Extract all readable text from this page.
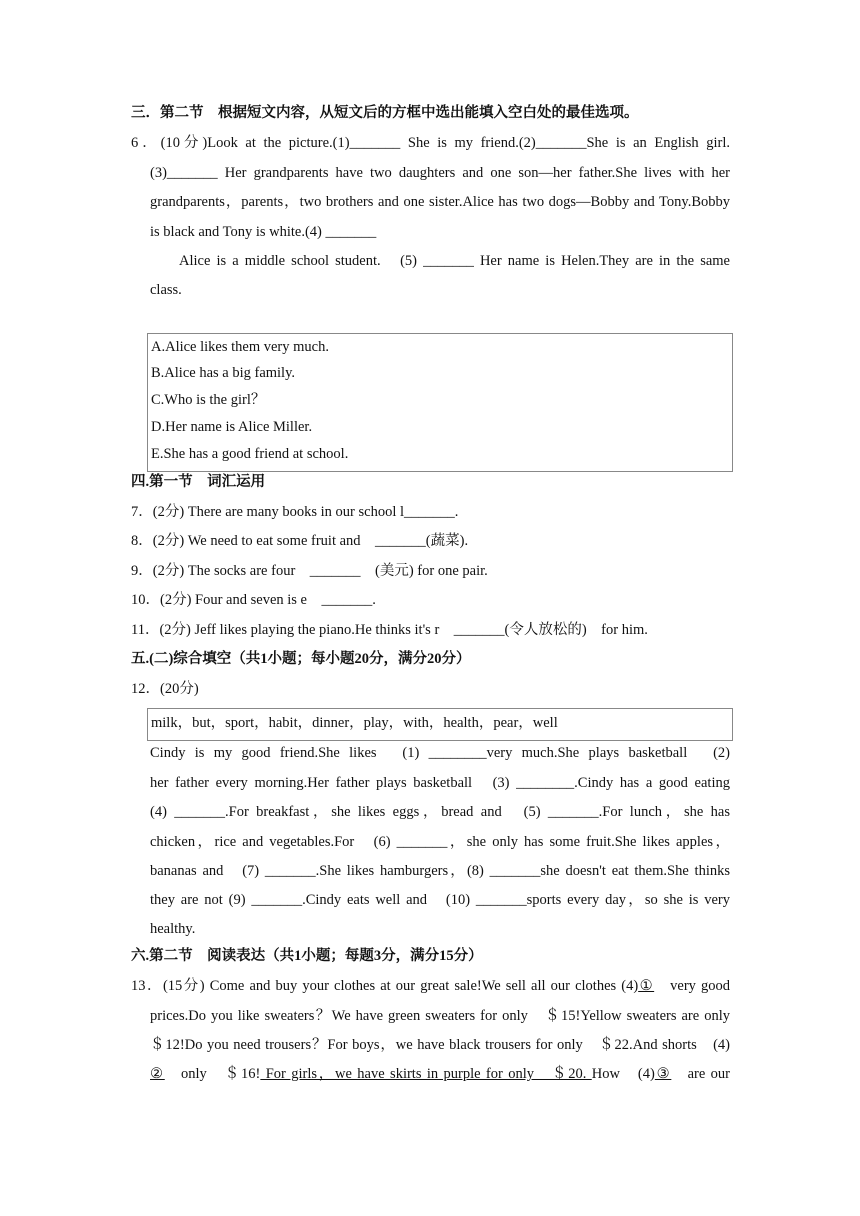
三．第二节　根据短文内容，从短文后的方框中选出能填入空白处的最佳选项。
6．(10分)Look at the picture.(1)_______ She is my friend.(2)_______She is an English girl.
(3)_______ Her grandparents have two daughters and one son—her father.She lives with her
grandparents，parents，two brothers and one sister.Alice has two dogs—Bobby and Tony.Bobby
is black and Tony is white.(4) _______
Alice is a middle school student.　(5) _______ Her name is Helen.They are in the same
class.
A.Alice likes them very much.
B.Alice has a big family.
C.Who is the girl？
D.Her name is Alice Miller.
E.She has a good friend at school.
四.第一节　词汇运用
7．(2分) There are many books in our school l_______.
8．(2分) We need to eat some fruit and　_______(蔬菜).
9．(2分) The socks are four　_______　(美元) for one pair.
10．(2分) Four and seven is e　_______.
11．(2分) Jeff likes playing the piano.He thinks it's r　_______(令人放松的)　for him.
五.(二)综合填空（共1小题；每小题20分，满分20分）
12．(20分)
milk，but，sport，habit，dinner，play，with，health，pear，well
Cindy is my good friend.She likes　(1) ________very much.She plays basketball　(2)
her father every morning.Her father plays basketball　(3) ________.Cindy has a good eating
(4) _______.For breakfast，she likes eggs，bread and　(5) _______.For lunch，she has
chicken，rice and vegetables.For　(6) _______，she only has some fruit.She likes apples，
bananas and　(7) _______.She likes hamburgers，(8) _______she doesn't eat them.She thinks
they are not (9) _______.Cindy eats well and　(10) _______sports every day，so she is very
healthy.
六.第二节　阅读表达（共1小题；每题3分，满分15分）
13．(15分) Come and buy your clothes at our great sale!We sell all our clothes (4)①　very good
prices.Do you like sweaters？We have green sweaters for only　＄15!Yellow sweaters are only
＄12!Do you need trousers？For boys，we have black trousers for only　＄22.And shorts　(4)
②　only　＄16! For girls，we have skirts in purple for only　＄20. How　(4)③　are our
